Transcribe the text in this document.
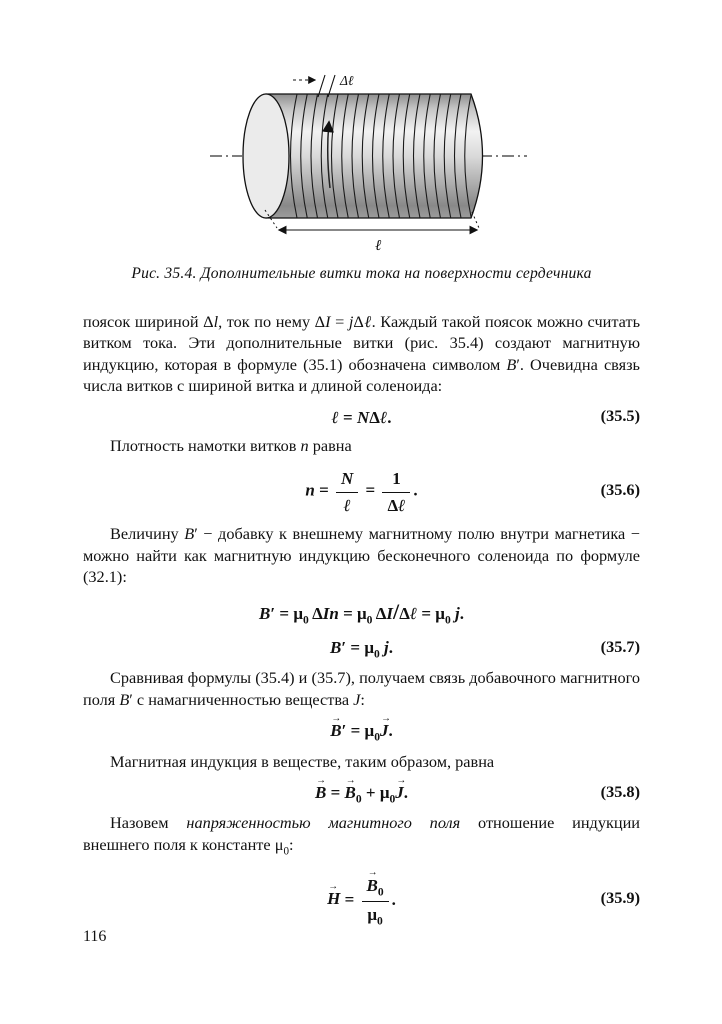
Δℓ
ℓ
Рис. 35.4. Дополнительные витки тока на поверхности сердечника

поясок шириной Δl, ток по нему ΔI = jΔℓ. Каждый такой поясок можно считать витком тока. Эти дополнительные витки (рис. 35.4) создают магнитную индукцию, которая в формуле (35.1) обозначена символом B′. Очевидна связь числа витков с шириной витка и длиной соленоида:

ℓ = NΔℓ.	(35.5)

Плотность намотки витков n равна

$n = \frac{N}{\text{ℓ}} = \frac{1}{\text{Δℓ}}$ .	(35.6)

Величину B′ − добавку к внешнему магнитному полю внутри магнетика − можно найти как магнитную индукцию бесконечного соленоида по формуле (32.1):

$B' = \mu_0$ $\Delta In = \mu_0$ ΔI/Δℓ = $\mu_0$ j.
$B' = \mu_0$ j.	(35.7)

Сравнивая формулы (35.4) и (35.7), получаем связь добавочного магнитного поля B′ с намагниченностью вещества J:

→ $B' = \mu_0\to J$.

Магнитная индукция в веществе, таким образом, равна

→ B = → $B_0 + \mu_0\to J$.	(35.8)

Назовем напряженностью магнитного поля отношение индукции внешнего поля к константе $\mu_0$:

→ H = → $\frac{B_0}{\mu_0}$ .	(35.9)
116
